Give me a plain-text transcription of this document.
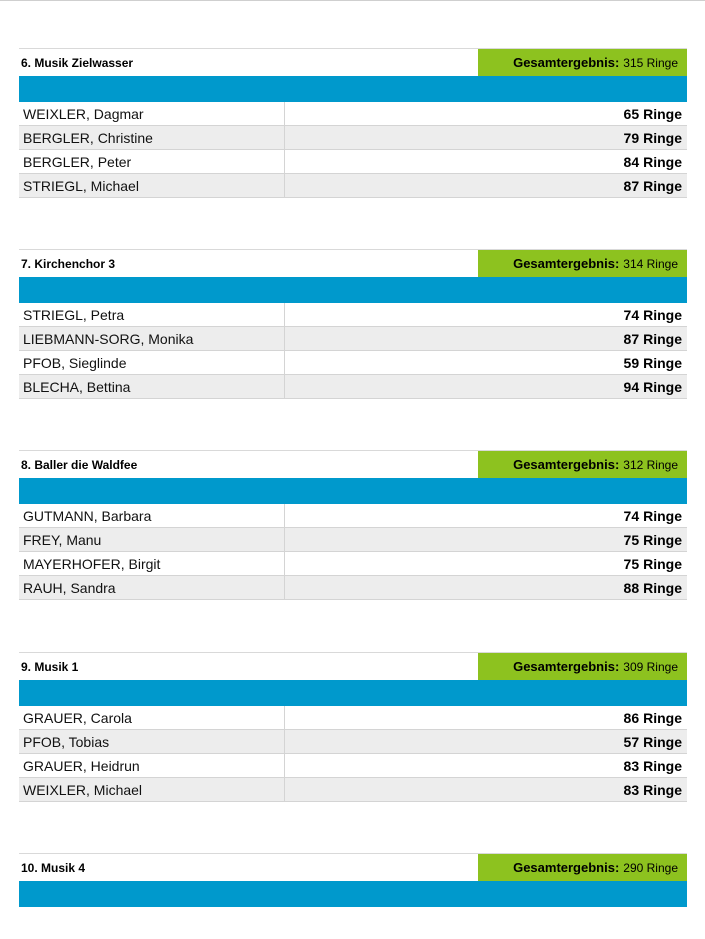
6. Musik Zielwasser	Gesamtergebnis: 315 Ringe
WEIXLER, Dagmar	65 Ringe
BERGLER, Christine	79 Ringe
BERGLER, Peter	84 Ringe
STRIEGL, Michael	87 Ringe
7. Kirchenchor 3	Gesamtergebnis: 314 Ringe
STRIEGL, Petra	74 Ringe
LIEBMANN-SORG, Monika	87 Ringe
PFOB, Sieglinde	59 Ringe
BLECHA, Bettina	94 Ringe
8. Baller die Waldfee	Gesamtergebnis: 312 Ringe
GUTMANN, Barbara	74 Ringe
FREY, Manu	75 Ringe
MAYERHOFER, Birgit	75 Ringe
RAUH, Sandra	88 Ringe
9. Musik 1	Gesamtergebnis: 309 Ringe
GRAUER, Carola	86 Ringe
PFOB, Tobias	57 Ringe
GRAUER, Heidrun	83 Ringe
WEIXLER, Michael	83 Ringe
10. Musik 4	Gesamtergebnis: 290 Ringe
